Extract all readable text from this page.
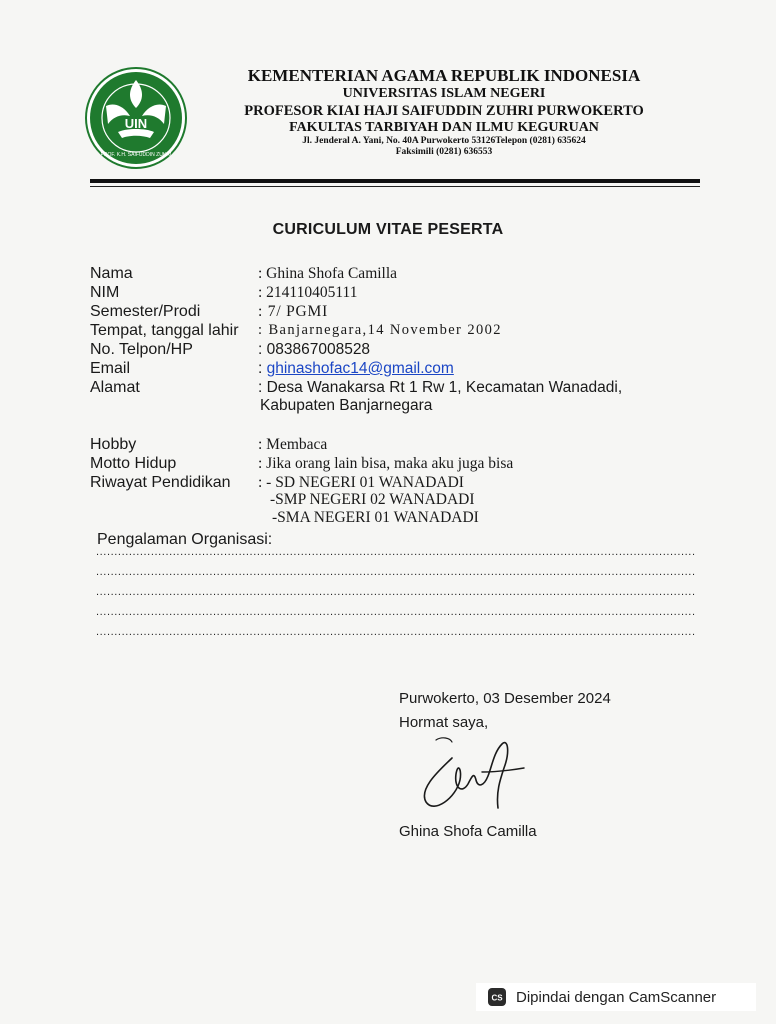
UIN
PROF. K.H. SAIFUDDIN ZUHRI
KEMENTERIAN AGAMA REPUBLIK INDONESIA
UNIVERSITAS ISLAM NEGERI
PROFESOR KIAI HAJI SAIFUDDIN ZUHRI PURWOKERTO
FAKULTAS TARBIYAH DAN ILMU KEGURUAN
Jl. Jenderal A. Yani, No. 40A Purwokerto 53126Telepon (0281) 635624
Faksimili (0281) 636553
CURICULUM VITAE PESERTA
Nama	: Ghina Shofa Camilla
NIM	: 214110405111
Semester/Prodi	: 7/ PGMI
Tempat, tanggal lahir : Banjarnegara,14 November 2002
No. Telpon/HP	: 083867008528
Email	: ghinashofac14@gmail.com
Alamat	: Desa Wanakarsa Rt 1 Rw 1, Kecamatan Wanadadi,
Kabupaten Banjarnegara
Hobby	: Membaca
Motto Hidup	: Jika orang lain bisa, maka aku juga bisa
Riwayat Pendidikan : - SD NEGERI 01 WANADADI
-SMP NEGERI 02 WANADADI
-SMA NEGERI 01 WANADADI
Pengalaman Organisasi:
....................................................................................................................................................................
....................................................................................................................................................................
....................................................................................................................................................................
....................................................................................................................................................................
....................................................................................................................................................................
Purwokerto, 03 Desember 2024
Hormat saya,
Ghina Shofa Camilla
CS Dipindai dengan CamScanner
